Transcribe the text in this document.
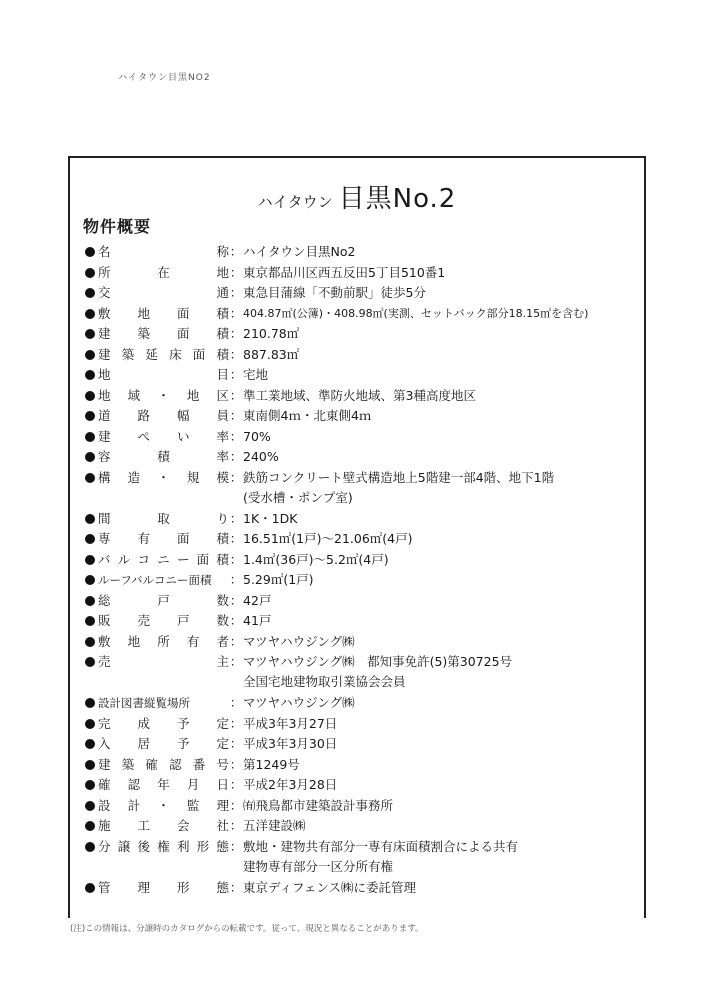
ハイタウン目黒NO2
ハイタウン 目黒No.2
物件概要
名	称 ： ハイタウン目黒No2
所	在	地 ： 東京都品川区西五反田5丁目510番1
交	通 ： 東急目蒲線「不動前駅」徒歩5分
敷 地 面 積 ： 404.87㎡(公簿)・408.98㎡(実測、セットバック部分18.15㎡を含む)
建 築 面 積 ： 210.78㎡
建 築 延 床 面 積 ： 887.83㎡
地	目 ： 宅地
地 域 ・ 地 区 ： 準工業地域、準防火地域、第3種高度地区
道 路 幅 員 ： 東南側4ｍ・北東側4ｍ
建 ぺ い 率 ： 70%
容	積	率 ： 240%
構 造 ・ 規 模 ： 鉄筋コンクリート壁式構造地上5階建一部4階、地下1階
(受水槽・ポンプ室)
間	取	り ： 1K・1DK
専 有 面 積 ： 16.51㎡(1戸)〜21.06㎡(4戸)
バ ル コ ニ ー 面 積 ： 1.4㎡(36戸)〜5.2㎡(4戸)
ルーフバルコニー面積	： 5.29㎡(1戸)
総	戸	数 ： 42戸
販 売 戸 数 ： 41戸
敷 地 所 有 者 ： マツヤハウジング㈱
売	主 ： マツヤハウジング㈱　都知事免許(5)第30725号
全国宅地建物取引業協会会員
設計図書縦覧場所	： マツヤハウジング㈱
完 成 予 定 ： 平成3年3月27日
入 居 予 定 ： 平成3年3月30日
建 築 確 認 番 号 ： 第1249号
確 認 年 月 日 ： 平成2年3月28日
設 計 ・ 監 理 ： ㈲飛鳥都市建築設計事務所
施 工 会 社 ： 五洋建設㈱
分 譲 後 権 利 形 態 ： 敷地・建物共有部分一専有床面積割合による共有
建物専有部分一区分所有権
管 理 形 態 ： 東京ディフェンス㈱に委託管理
(注)この情報は、分譲時のカタログからの転載です。従って、現況と異なることがあります。
